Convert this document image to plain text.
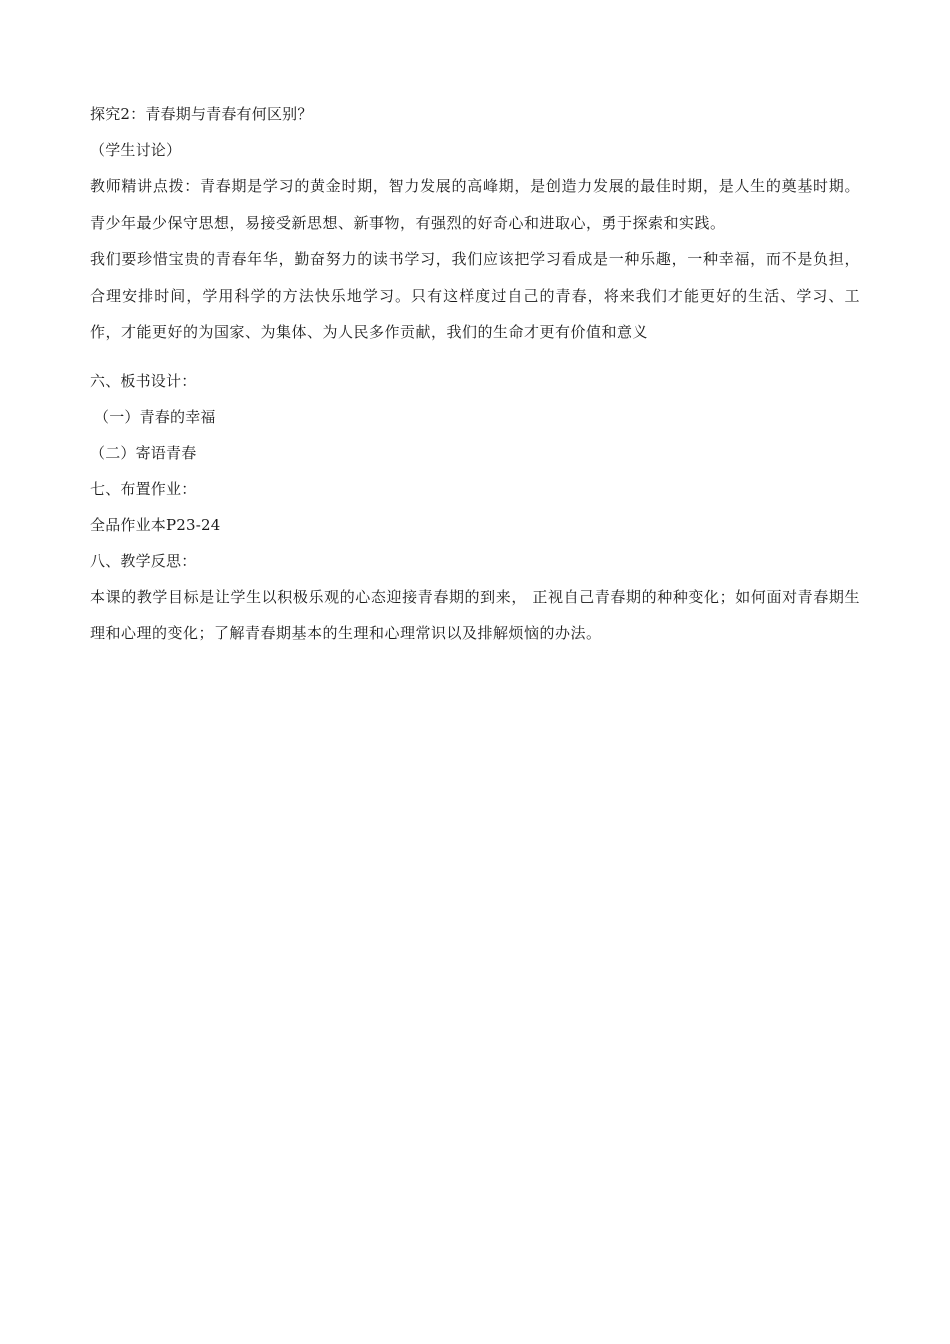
探究2：青春期与青春有何区别？
（学生讨论）
教师精讲点拨：青春期是学习的黄金时期，智力发展的高峰期，是创造力发展的最佳时期，是人生的奠基时期。青少年最少保守思想，易接受新思想、新事物，有强烈的好奇心和进取心，勇于探索和实践。
我们要珍惜宝贵的青春年华，勤奋努力的读书学习，我们应该把学习看成是一种乐趣，一种幸福，而不是负担，合理安排时间，学用科学的方法快乐地学习。只有这样度过自己的青春，将来我们才能更好的生活、学习、工作，才能更好的为国家、为集体、为人民多作贡献，我们的生命才更有价值和意义
六、板书设计：
（一）青春的幸福
（二）寄语青春
七、布置作业：
全品作业本P23-24
八、教学反思：
本课的教学目标是让学生以积极乐观的心态迎接青春期的到来， 正视自己青春期的种种变化；如何面对青春期生理和心理的变化；了解青春期基本的生理和心理常识以及排解烦恼的办法。
